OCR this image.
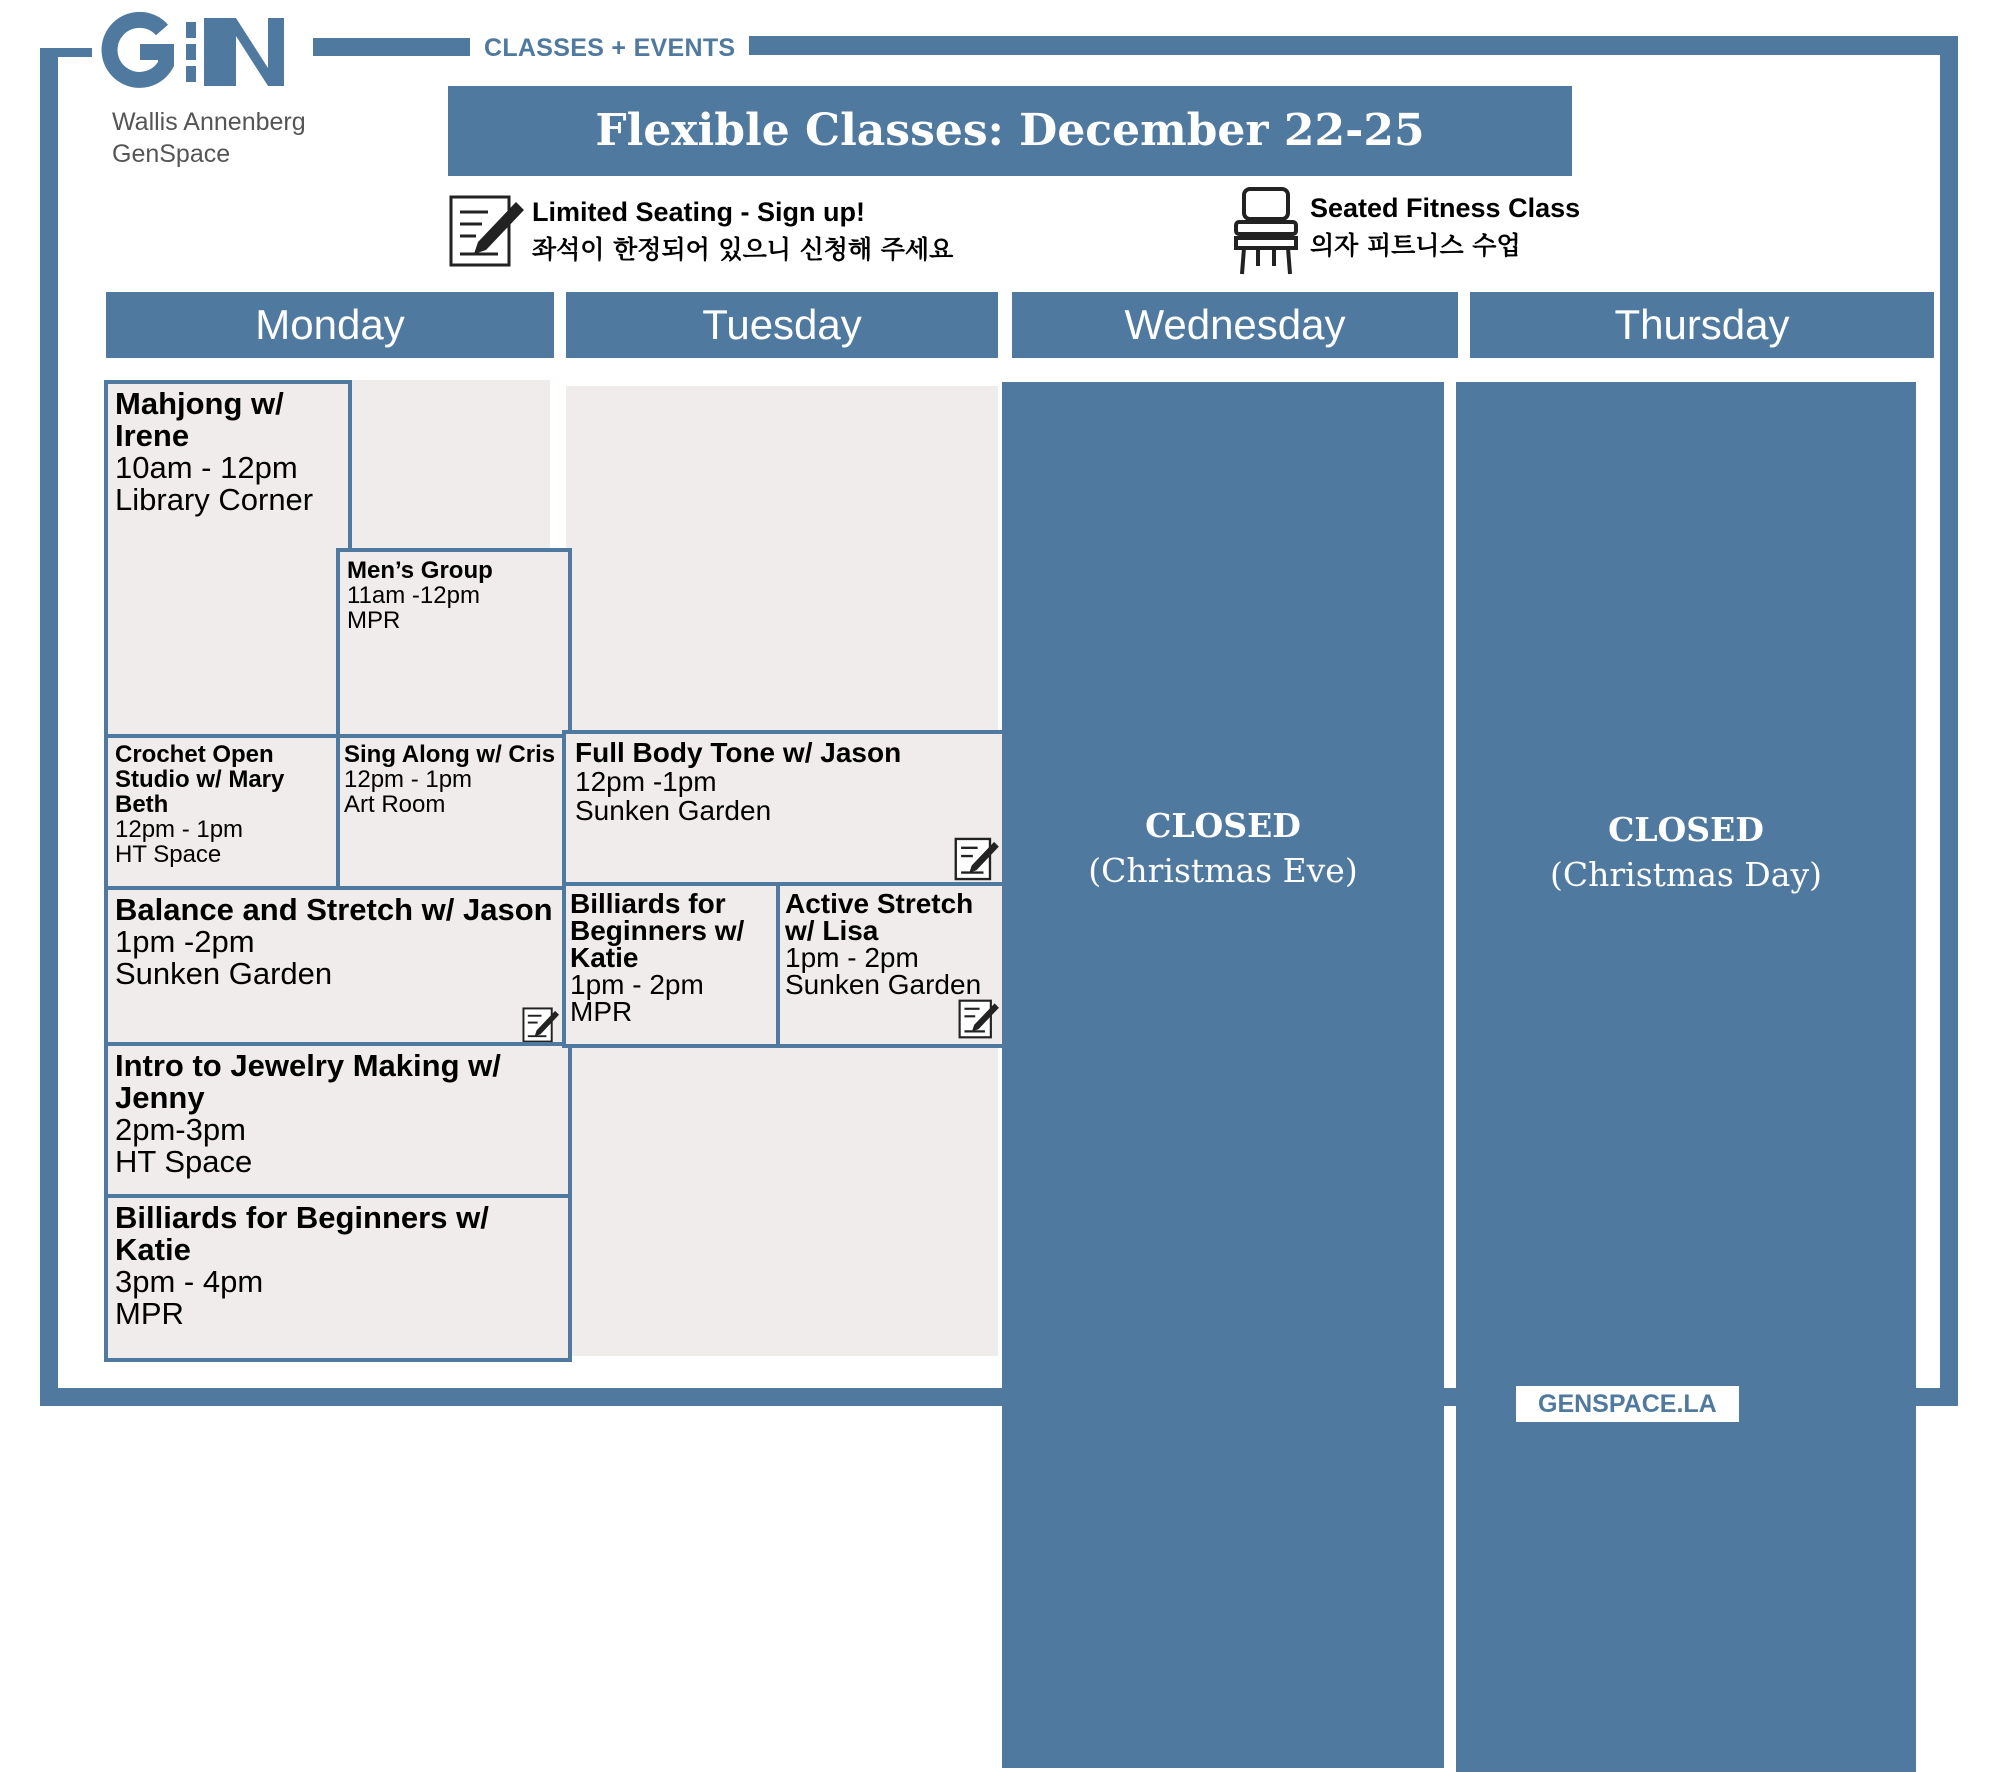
Wallis Annenberg
GenSpace
CLASSES + EVENTS
Flexible Classes: December 22-25
Limited Seating - Sign up!
좌석이 한정되어 있으니 신청해 주세요
Seated Fitness Class
의자 피트니스 수업
Monday	Tuesday	Wednesday	Thursday
Mahjong w/ Irene
10am - 12pm
Library Corner
Men’s Group
11am -12pm
MPR
Crochet Open Studio w/ Mary Beth
12pm - 1pm
HT Space
Sing Along w/ Cris
12pm - 1pm
Art Room
Balance and Stretch w/ Jason
1pm -2pm
Sunken Garden
Intro to Jewelry Making w/ Jenny
2pm-3pm
HT Space
Billiards for Beginners w/ Katie
3pm - 4pm
MPR
Full Body Tone w/ Jason
12pm -1pm
Sunken Garden
Billiards for Beginners w/ Katie
1pm - 2pm
MPR
Active Stretch w/ Lisa
1pm - 2pm
Sunken Garden
CLOSED
(Christmas Eve)
CLOSED
(Christmas Day)
GENSPACE.LA
